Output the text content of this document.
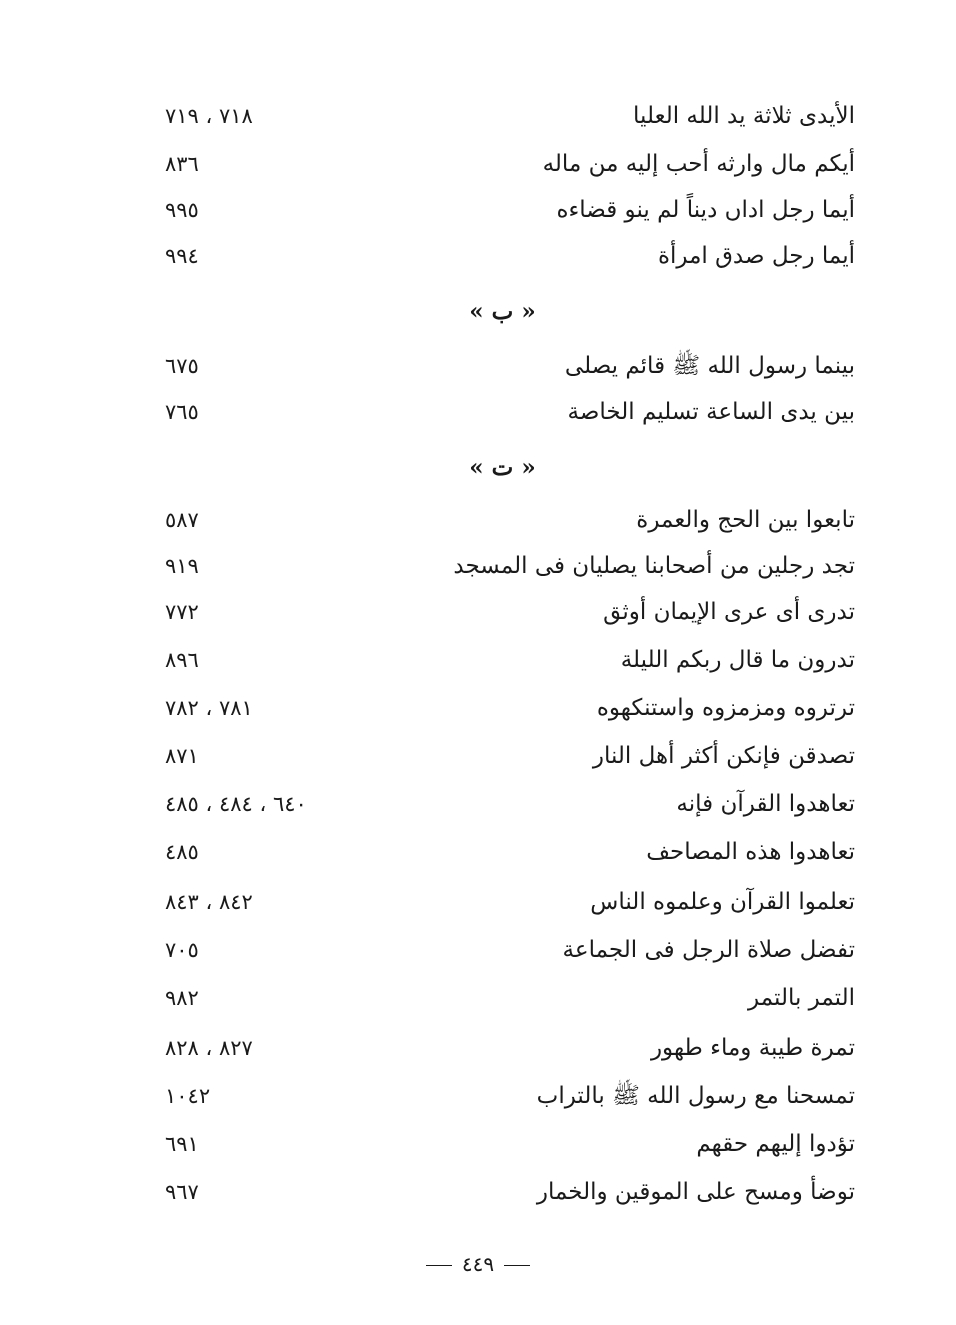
الأيدى ثلاثة يد الله العليا
٧١٨ ، ٧١٩
أيكم مال وارثه أحب إليه من ماله
٨٣٦
أيما رجل اداں ديناً لم ينو قضاءه
٩٩٥
أيما رجل صدق امرأة
٩٩٤
« ب »
بينما رسول الله ﷺ قائم يصلى
٦٧٥
بين يدى الساعة تسليم الخاصة
٧٦٥
« ت »
تابعوا بين الحج والعمرة
٥٨٧
تجد رجلين من أصحابنا يصليان فى المسجد
٩١٩
تدرى أى عرى الإيمان أوثق
٧٧٢
تدرون ما قال ربكم الليلة
٨٩٦
ترتروه ومزمزوه واستنكهوه
٧٨١ ، ٧٨٢
تصدقن فإنكن أكثر أهل النار
٨٧١
تعاهدوا القرآن فإنه
٦٤٠ ، ٤٨٤ ، ٤٨٥
تعاهدوا هذه المصاحف
٤٨٥
تعلموا القرآن وعلموه الناس
٨٤٢ ، ٨٤٣
تفضل صلاة الرجل فى الجماعة
٧٠٥
التمر بالتمر
٩٨٢
تمرة طيبة وماء طهور
٨٢٧ ، ٨٢٨
تمسحنا مع رسول الله ﷺ بالتراب
١٠٤٢
تؤدوا إليهم حقهم
٦٩١
توضأ ومسح على الموقين والخمار
٩٦٧
٤٤٩
